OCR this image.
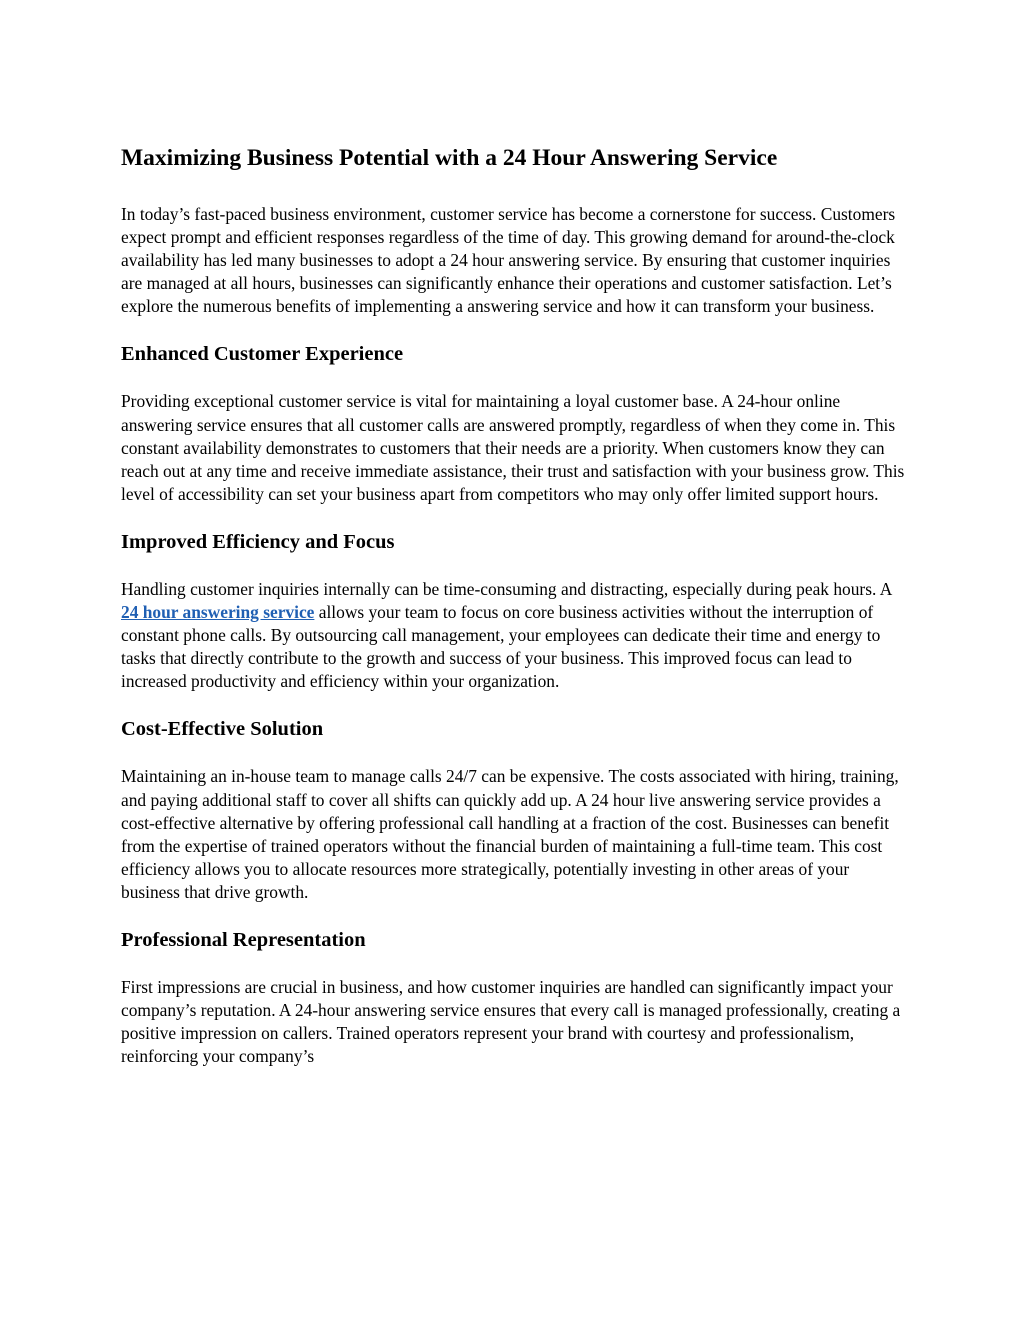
Maximizing Business Potential with a 24 Hour Answering Service

In today’s fast-paced business environment, customer service has become a cornerstone for success. Customers expect prompt and efficient responses regardless of the time of day. This growing demand for around-the-clock availability has led many businesses to adopt a 24 hour answering service. By ensuring that customer inquiries are managed at all hours, businesses can significantly enhance their operations and customer satisfaction. Let’s explore the numerous benefits of implementing a answering service and how it can transform your business.

Enhanced Customer Experience

Providing exceptional customer service is vital for maintaining a loyal customer base. A 24-hour online answering service ensures that all customer calls are answered promptly, regardless of when they come in. This constant availability demonstrates to customers that their needs are a priority. When customers know they can reach out at any time and receive immediate assistance, their trust and satisfaction with your business grow. This level of accessibility can set your business apart from competitors who may only offer limited support hours.

Improved Efficiency and Focus

Handling customer inquiries internally can be time-consuming and distracting, especially during peak hours. A 24 hour answering service allows your team to focus on core business activities without the interruption of constant phone calls. By outsourcing call management, your employees can dedicate their time and energy to tasks that directly contribute to the growth and success of your business. This improved focus can lead to increased productivity and efficiency within your organization.

Cost-Effective Solution

Maintaining an in-house team to manage calls 24/7 can be expensive. The costs associated with hiring, training, and paying additional staff to cover all shifts can quickly add up. A 24 hour live answering service provides a cost-effective alternative by offering professional call handling at a fraction of the cost. Businesses can benefit from the expertise of trained operators without the financial burden of maintaining a full-time team. This cost efficiency allows you to allocate resources more strategically, potentially investing in other areas of your business that drive growth.

Professional Representation

First impressions are crucial in business, and how customer inquiries are handled can significantly impact your company’s reputation. A 24-hour answering service ensures that every call is managed professionally, creating a positive impression on callers. Trained operators represent your brand with courtesy and professionalism, reinforcing your company’s
